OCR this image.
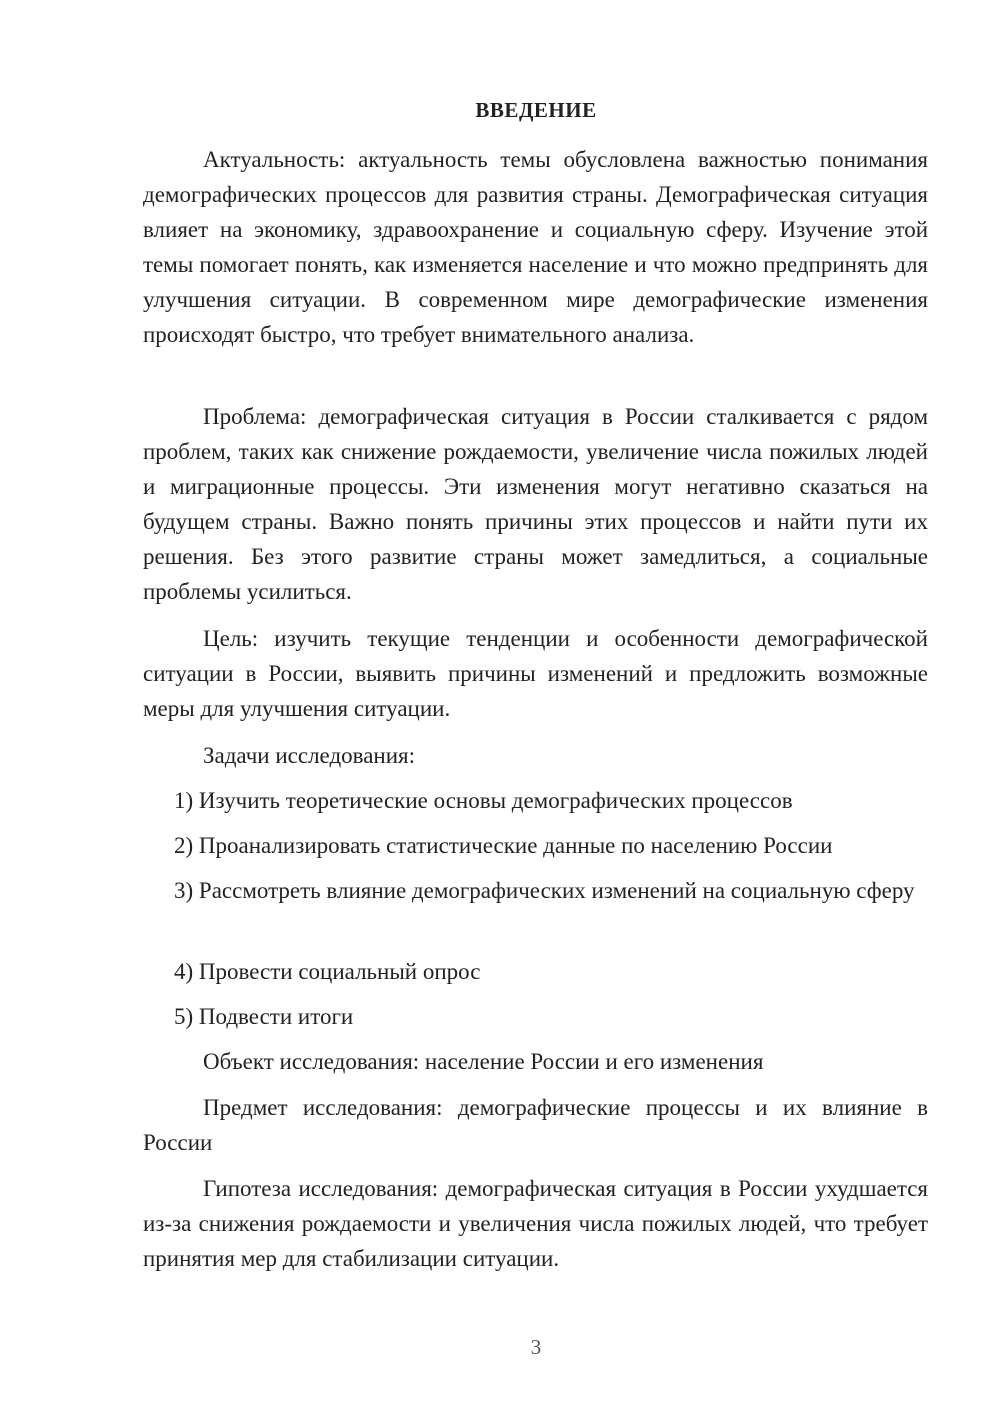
ВВЕДЕНИЕ

Актуальность: актуальность темы обусловлена важностью понимания демографических процессов для развития страны. Демографическая ситуация влияет на экономику, здравоохранение и социальную сферу. Изучение этой темы помогает понять, как изменяется население и что можно предпринять для улучшения ситуации. В современном мире демографические изменения происходят быстро, что требует внимательного анализа.

Проблема: демографическая ситуация в России сталкивается с рядом проблем, таких как снижение рождаемости, увеличение числа пожилых людей и миграционные процессы. Эти изменения могут негативно сказаться на будущем страны. Важно понять причины этих процессов и найти пути их решения. Без этого развитие страны может замедлиться, а социальные проблемы усилиться.

Цель: изучить текущие тенденции и особенности демографической ситуации в России, выявить причины изменений и предложить возможные меры для улучшения ситуации.

Задачи исследования:

1) Изучить теоретические основы демографических процессов

2) Проанализировать статистические данные по населению России

3) Рассмотреть влияние демографических изменений на социальную сферу

4) Провести социальный опрос

5) Подвести итоги

Объект исследования: население России и его изменения

Предмет исследования: демографические процессы и их влияние в России

Гипотеза исследования: демографическая ситуация в России ухудшается из-за снижения рождаемости и увеличения числа пожилых людей, что требует принятия мер для стабилизации ситуации.

3
